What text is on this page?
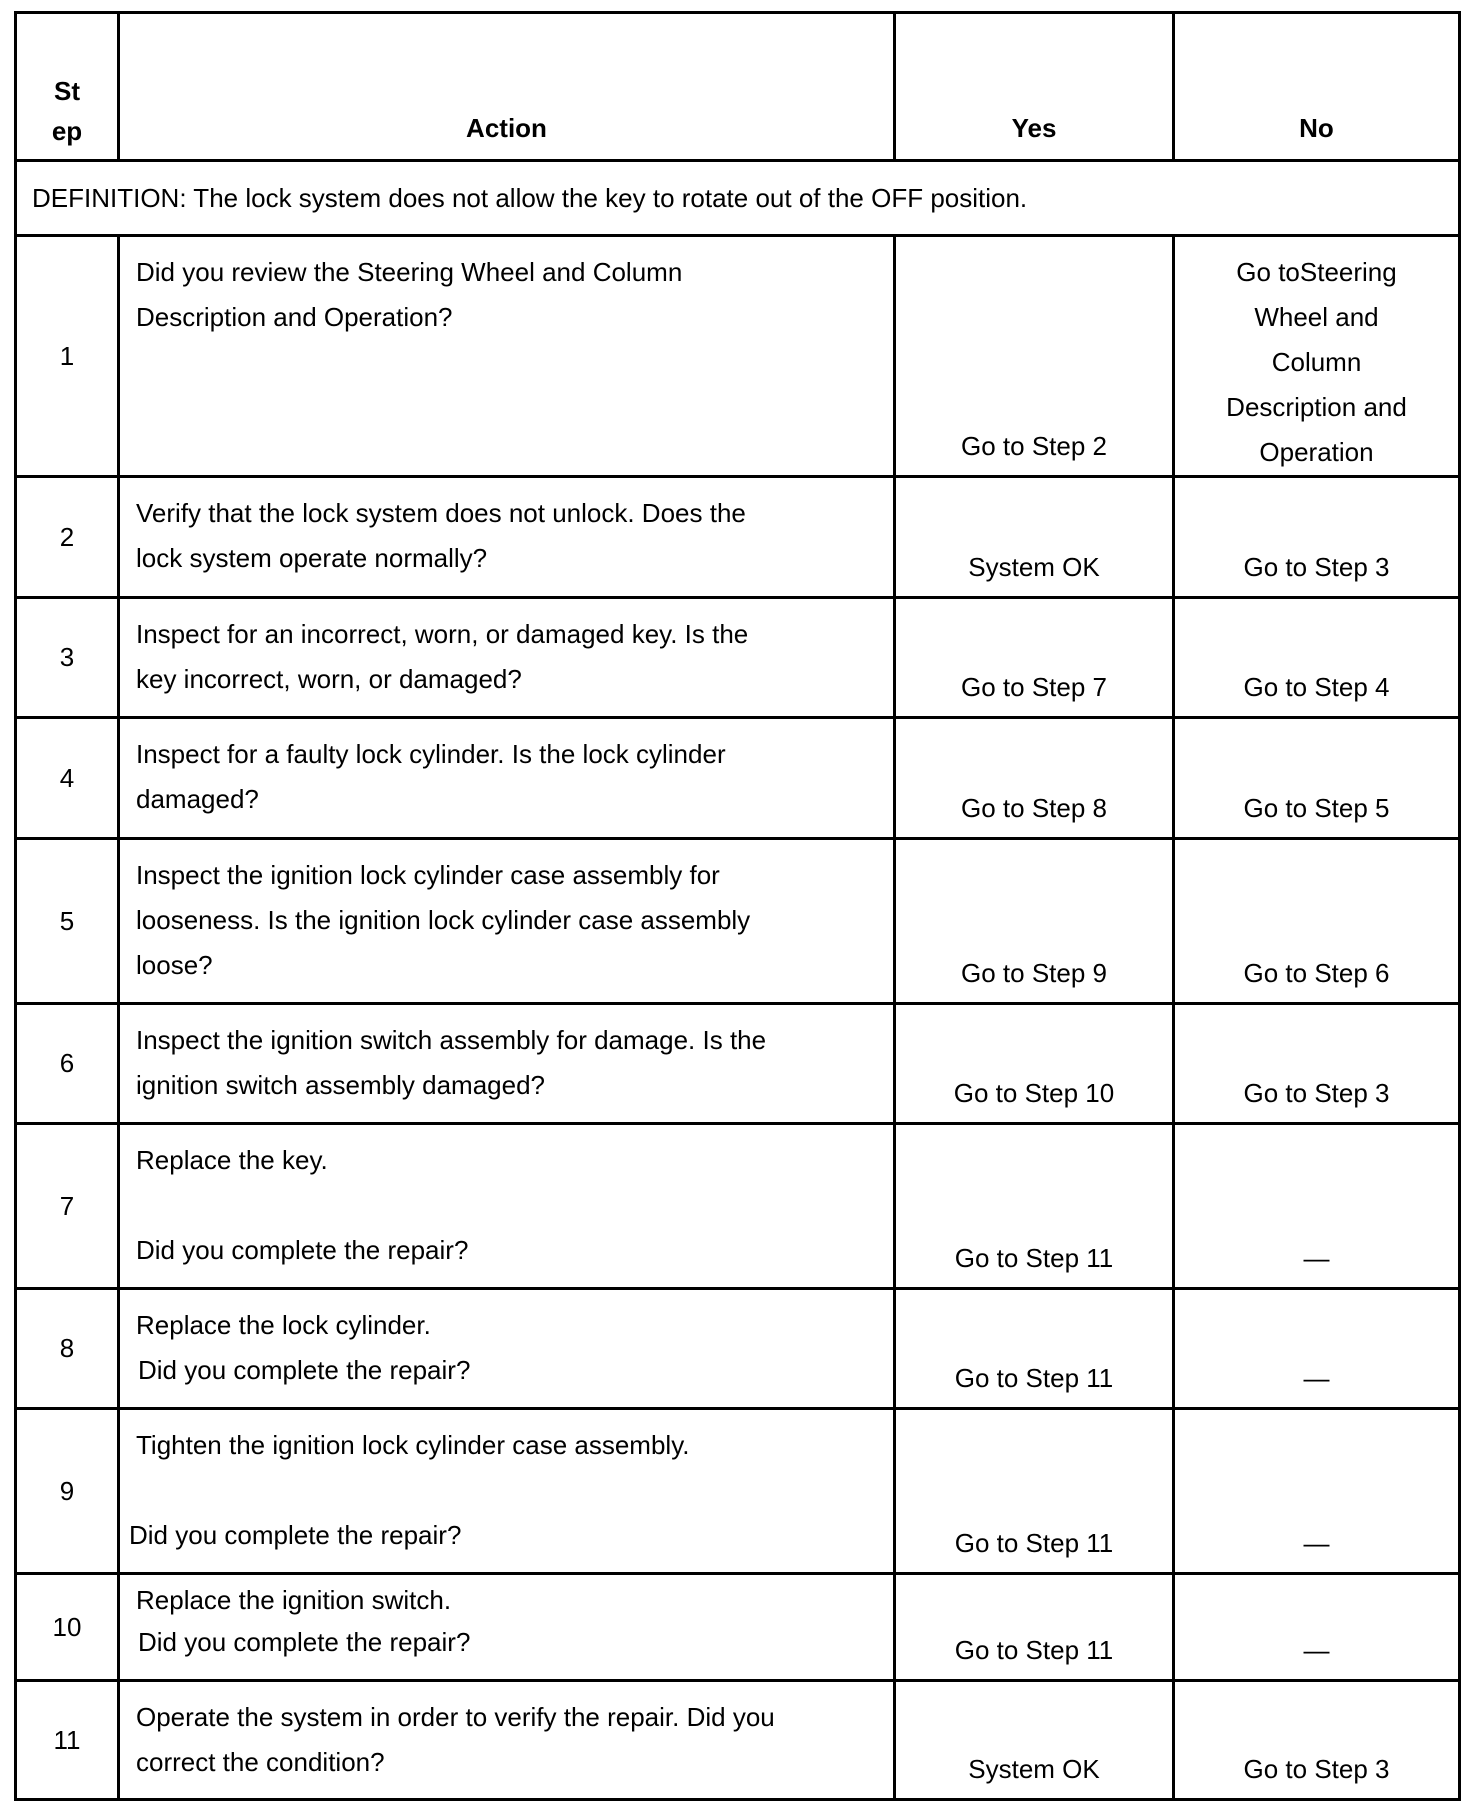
St
ep	Action	Yes	No
DEFINITION: The lock system does not allow the key to rotate out of the OFF position.			
1	Did you review the Steering Wheel and Column
Description and Operation?	Go to Step 2	Go toSteering
Wheel and
Column
Description and
Operation

2	Verify that the lock system does not unlock. Does the
lock system operate normally?	System OK	Go to Step 3
3	Inspect for an incorrect, worn, or damaged key. Is the
key incorrect, worn, or damaged?	Go to Step 7	Go to Step 4
4	Inspect for a faulty lock cylinder. Is the lock cylinder
damaged?	Go to Step 8	Go to Step 5
5	Inspect the ignition lock cylinder case assembly for
looseness. Is the ignition lock cylinder case assembly
loose?	Go to Step 9	Go to Step 6
6	Inspect the ignition switch assembly for damage. Is the
ignition switch assembly damaged?	Go to Step 10	Go to Step 3
7	Replace the key.
Did you complete the repair?	Go to Step 11	—
8	Replace the lock cylinder.
Did you complete the repair?	Go to Step 11	—
9	Tighten the ignition lock cylinder case assembly.
Did you complete the repair?	Go to Step 11	—
10	Replace the ignition switch.
Did you complete the repair?	Go to Step 11	—
11	Operate the system in order to verify the repair. Did you
correct the condition?	System OK	Go to Step 3
